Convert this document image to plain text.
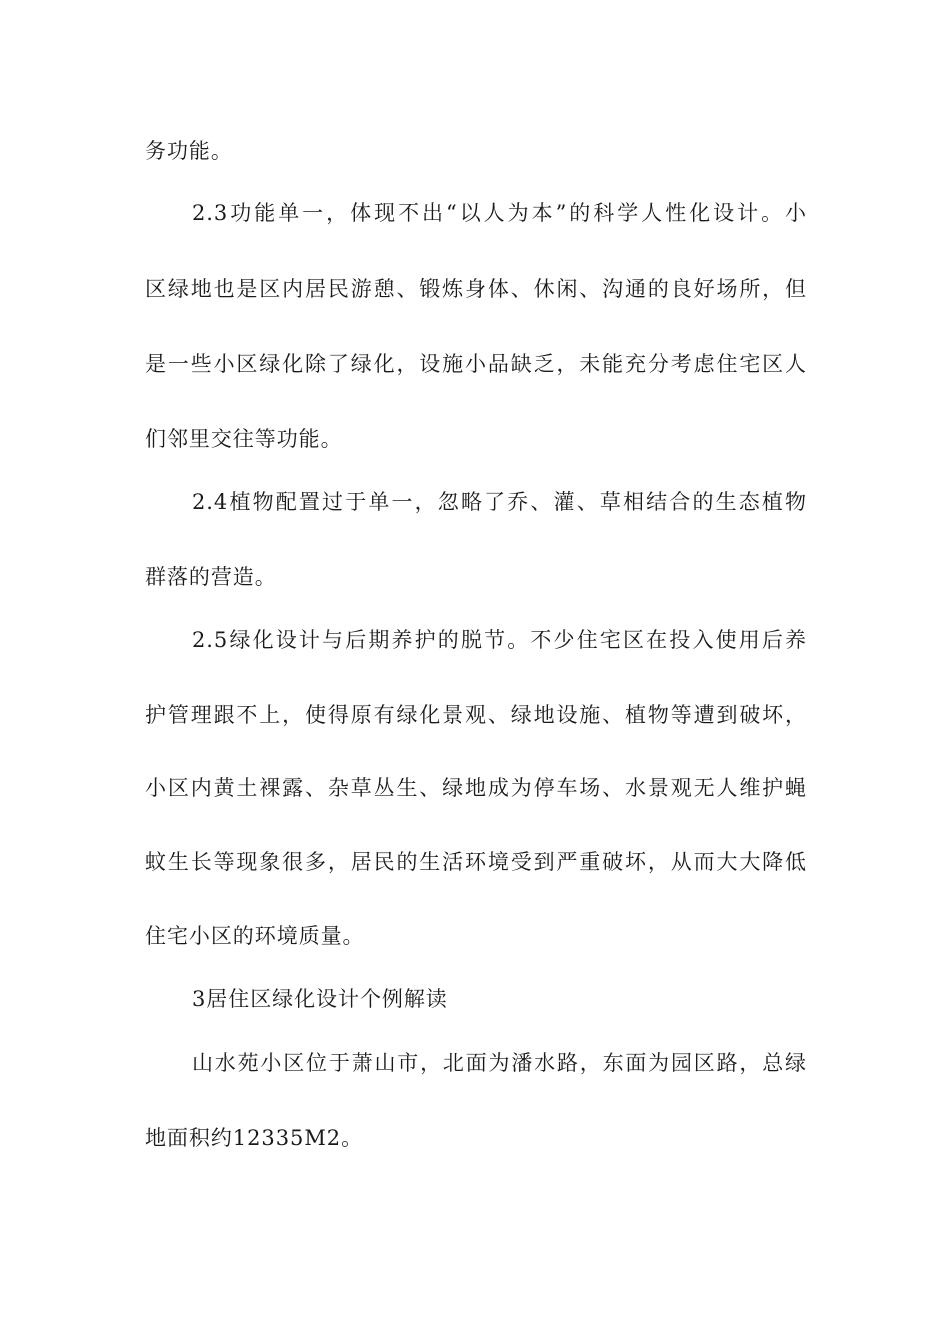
务功能。
2.3功能单一，体现不出“以人为本”的科学人性化设计。小
区绿地也是区内居民游憩、锻炼身体、休闲、沟通的良好场所，但
是一些小区绿化除了绿化，设施小品缺乏，未能充分考虑住宅区人
们邻里交往等功能。
2.4植物配置过于单一，忽略了乔、灌、草相结合的生态植物
群落的营造。
2.5绿化设计与后期养护的脱节。不少住宅区在投入使用后养
护管理跟不上，使得原有绿化景观、绿地设施、植物等遭到破坏，
小区内黄土裸露、杂草丛生、绿地成为停车场、水景观无人维护蝇
蚊生长等现象很多，居民的生活环境受到严重破坏，从而大大降低
住宅小区的环境质量。
3居住区绿化设计个例解读
山水苑小区位于萧山市，北面为潘水路，东面为园区路，总绿
地面积约12335M2。
